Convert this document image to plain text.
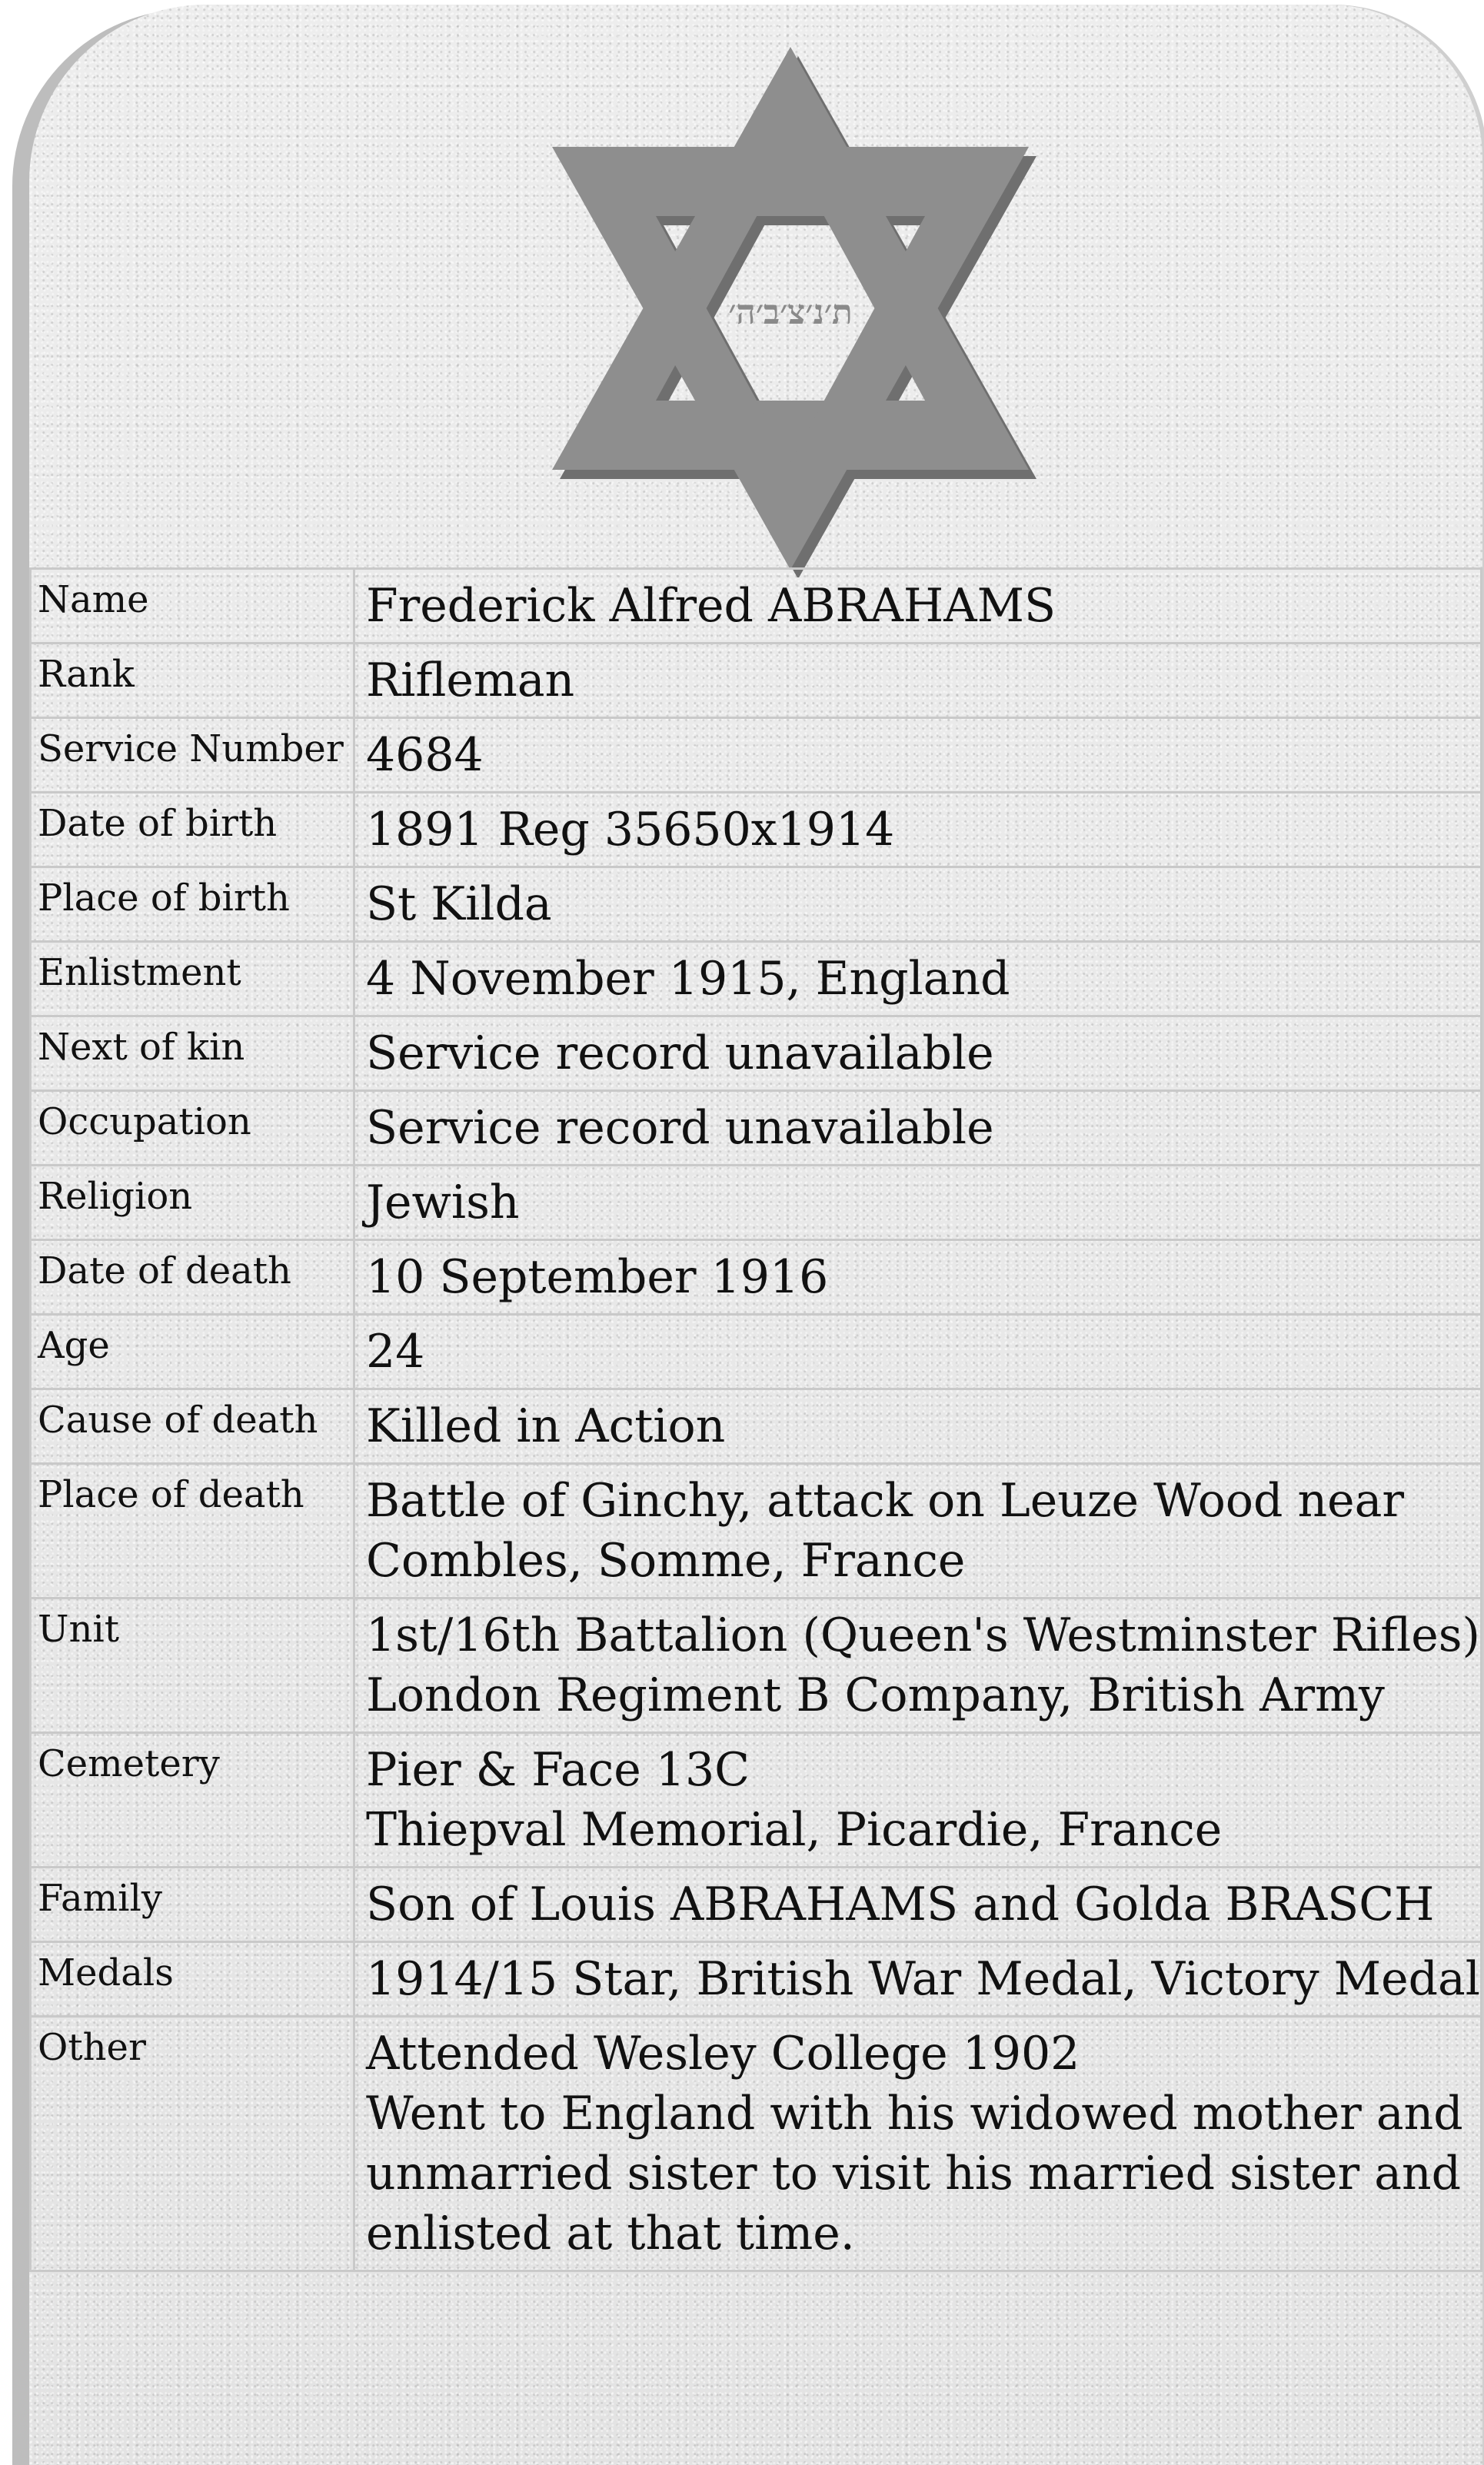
ת׳נ׳צ׳ב׳ה׳
Name	Frederick Alfred ABRAHAMS

Rank	Rifleman

Service Number	4684

Date of birth	1891 Reg 35650x1914

Place of birth	St Kilda

Enlistment	4 November 1915, England

Next of kin	Service record unavailable

Occupation	Service record unavailable

Religion	Jewish

Date of death	10 September 1916

Age	24

Cause of death	Killed in Action

Place of death	Battle of Ginchy, attack on Leuze Wood near
Combles, Somme, France

Unit	1st/16th Battalion (Queen's Westminster Rifles)
London Regiment B Company, British Army

Cemetery	Pier & Face 13C
Thiepval Memorial, Picardie, France

Family	Son of Louis ABRAHAMS and Golda BRASCH

Medals	1914/15 Star, British War Medal, Victory Medal

Other	Attended Wesley College 1902
Went to England with his widowed mother and
unmarried sister to visit his married sister and
enlisted at that time.
